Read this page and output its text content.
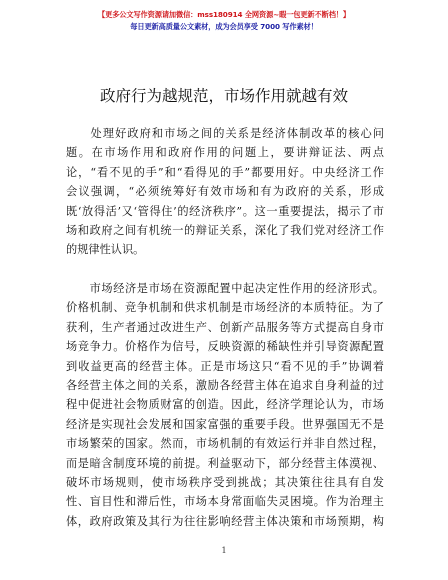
【更多公文写作资源请加微信：mss180914 全网资源~暇一包更新不断档！】
每日更新高质量公文素材，成为会员享受 7000 写作素材！
政府行为越规范，市场作用就越有效
　　处理好政府和市场之间的关系是经济体制改革的核心问
题。在市场作用和政府作用的问题上，要讲辩证法、两点
论，“看不见的手”和“看得见的手”都要用好。中央经济工作
会议强调，“必须统筹好有效市场和有为政府的关系，形成
既‘放得活’又‘管得住’的经济秩序”。这一重要提法，揭示了市
场和政府之间有机统一的辩证关系，深化了我们党对经济工作
的规律性认识。
　　市场经济是市场在资源配置中起决定性作用的经济形式。
价格机制、竞争机制和供求机制是市场经济的本质特征。为了
获利，生产者通过改进生产、创新产品服务等方式提高自身市
场竞争力。价格作为信号，反映资源的稀缺性并引导资源配置
到收益更高的经营主体。正是市场这只“看不见的手”协调着
各经营主体之间的关系，激励各经营主体在追求自身利益的过
程中促进社会物质财富的创造。因此，经济学理论认为，市场
经济是实现社会发展和国家富强的重要手段。世界强国无不是
市场繁荣的国家。然而，市场机制的有效运行并非自然过程，
而是暗含制度环境的前提。利益驱动下，部分经营主体漠视、
破坏市场规则，使市场秩序受到挑战；其决策往往具有自发
性、盲目性和滞后性，市场本身常面临失灵困境。作为治理主
体，政府政策及其行为往往影响经营主体决策和市场预期，构
1
